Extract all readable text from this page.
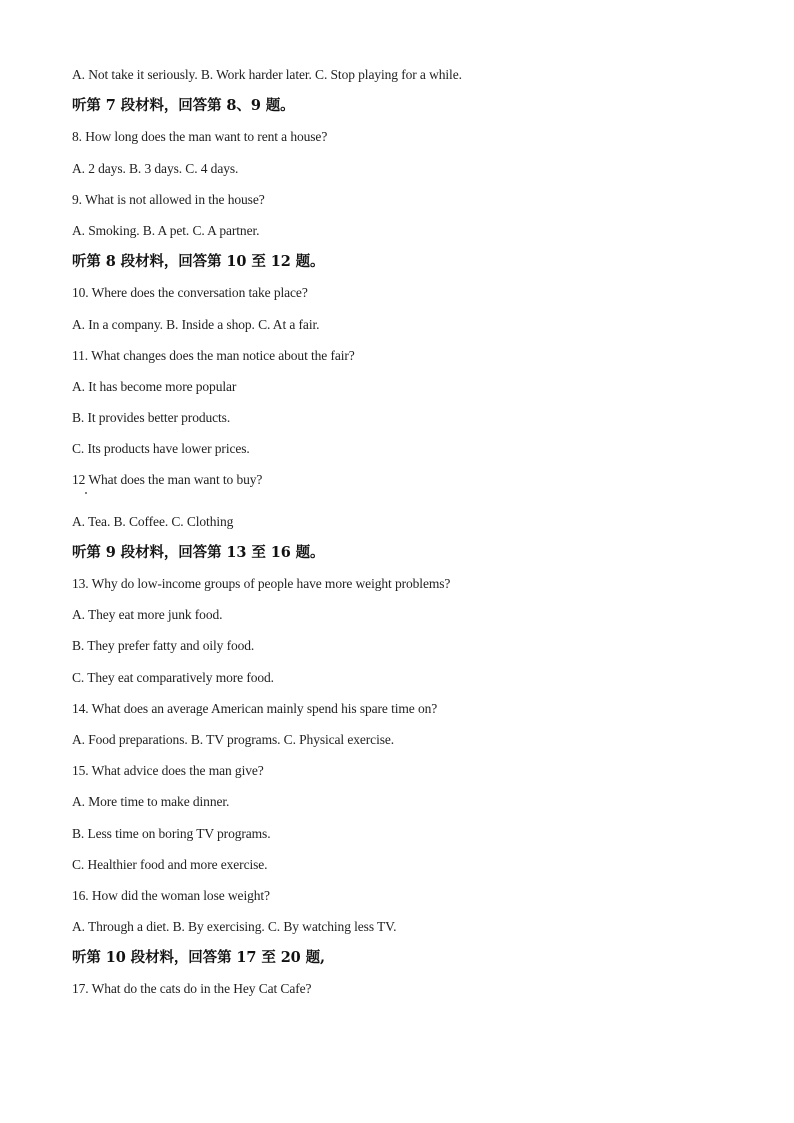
A. Not take it seriously. B. Work harder later. C. Stop playing for a while.
听第 7 段材料，回答第 8、9 题。
8. How long does the man want to rent a house?
A. 2 days. B. 3 days. C. 4 days.
9. What is not allowed in the house?
A. Smoking. B. A pet. C. A partner.
听第 8 段材料，回答第 10 至 12 题。
10. Where does the conversation take place?
A. In a company. B. Inside a shop. C. At a fair.
11. What changes does the man notice about the fair?
A. It has become more popular
B. It provides better products.
C. Its products have lower prices.
12 What does the man want to buy?
A. Tea. B. Coffee. C. Clothing
听第 9 段材料，回答第 13 至 16 题。
13. Why do low-income groups of people have more weight problems?
A. They eat more junk food.
B. They prefer fatty and oily food.
C. They eat comparatively more food.
14. What does an average American mainly spend his spare time on?
A. Food preparations. B. TV programs. C. Physical exercise.
15. What advice does the man give?
A. More time to make dinner.
B. Less time on boring TV programs.
C. Healthier food and more exercise.
16. How did the woman lose weight?
A. Through a diet. B. By exercising. C. By watching less TV.
听第 10 段材料，回答第 17 至 20 题,
17. What do the cats do in the Hey Cat Cafe?
